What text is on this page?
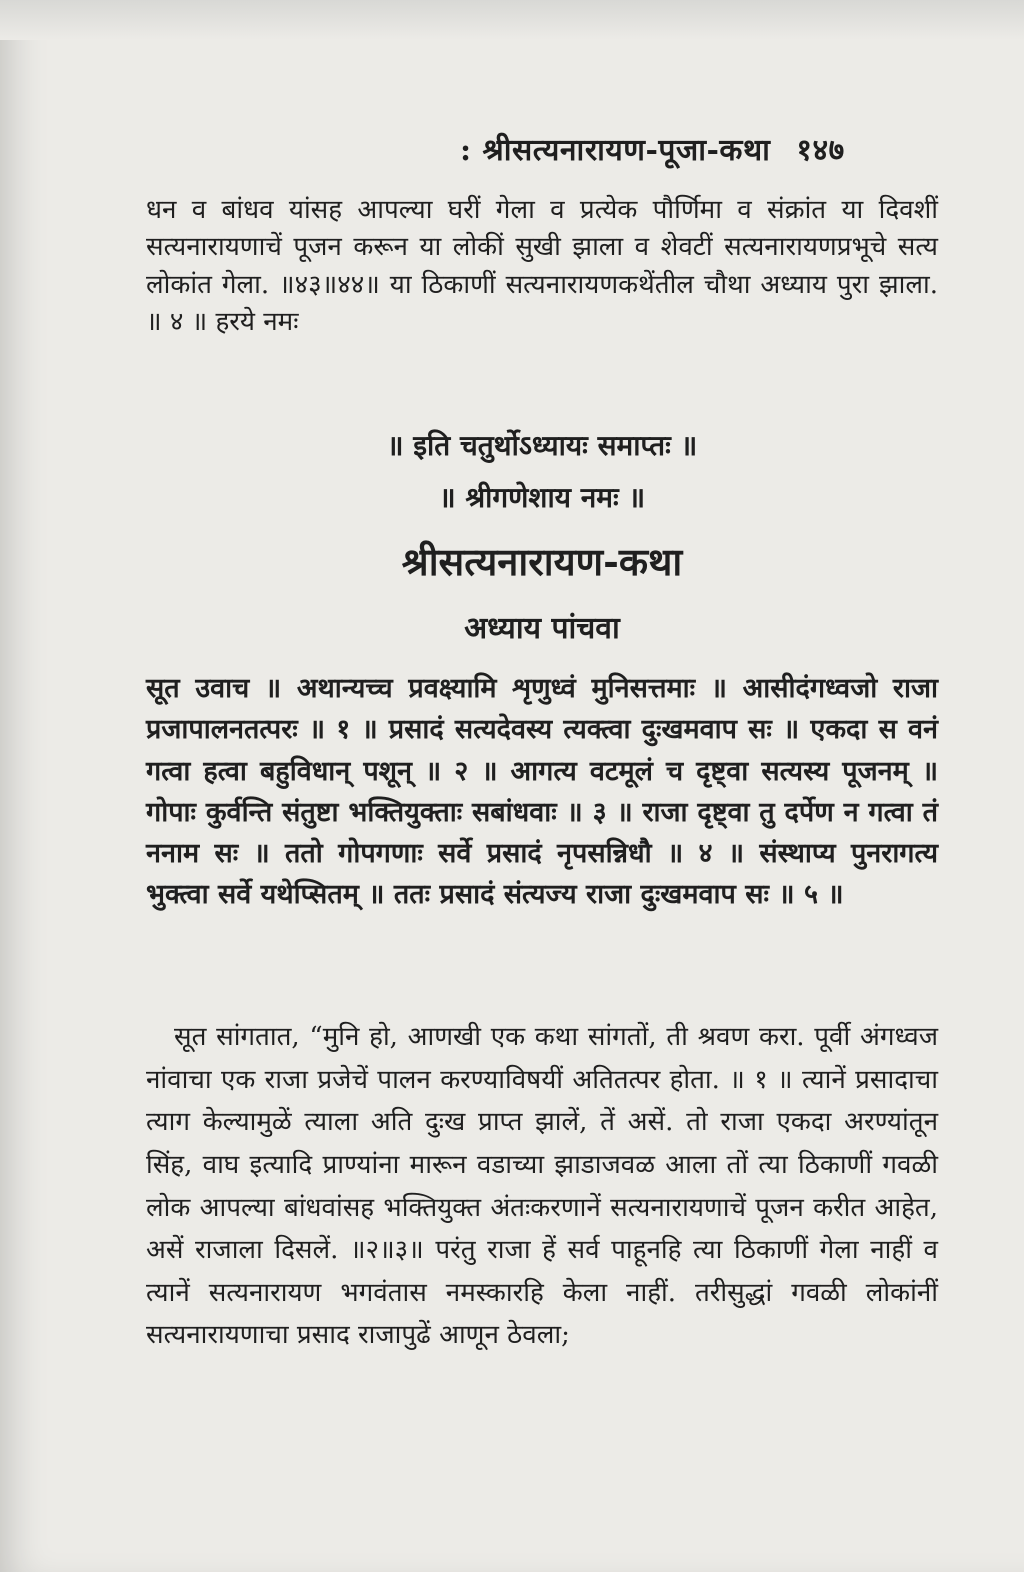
: श्रीसत्यनारायण-पूजा-कथा १४७
धन व बांधव यांसह आपल्या घरीं गेला व प्रत्येक पौर्णिमा व संक्रांत या दिवशीं सत्यनारायणाचें पूजन करून या लोकीं सुखी झाला व शेवटीं सत्यनारायणप्रभूचे सत्य लोकांत गेला. ॥४३॥४४॥ या ठिकाणीं सत्यनारायणकथेंतील चौथा अध्याय पुरा झाला. ॥ ४ ॥ हरये नमः
॥ इति चतुर्थोऽध्यायः समाप्तः ॥
॥ श्रीगणेशाय नमः ॥
श्रीसत्यनारायण-कथा
अध्याय पांचवा
सूत उवाच ॥ अथान्यच्च प्रवक्ष्यामि शृणुध्वं मुनिसत्तमाः ॥ आसीदंगध्वजो राजा प्रजापालनतत्परः ॥ १ ॥ प्रसादं सत्यदेवस्य त्यक्त्वा दुःखमवाप सः ॥ एकदा स वनं गत्वा हत्वा बहुविधान् पशून् ॥ २ ॥ आगत्य वटमूलं च दृष्ट्वा सत्यस्य पूजनम् ॥ गोपाः कुर्वन्ति संतुष्टा भक्तियुक्ताः सबांधवाः ॥ ३ ॥ राजा दृष्ट्वा तु दर्पेण न गत्वा तं ननाम सः ॥ ततो गोपगणाः सर्वे प्रसादं नृपसन्निधौ ॥ ४ ॥ संस्थाप्य पुनरागत्य भुक्त्वा सर्वे यथेप्सितम् ॥ ततः प्रसादं संत्यज्य राजा दुःखमवाप सः ॥ ५ ॥
सूत सांगतात, “मुनि हो, आणखी एक कथा सांगतों, ती श्रवण करा. पूर्वी अंगध्वज नांवाचा एक राजा प्रजेचें पालन करण्याविषयीं अतितत्पर होता. ॥ १ ॥ त्यानें प्रसादाचा त्याग केल्यामुळें त्याला अति दुःख प्राप्त झालें, तें असें. तो राजा एकदा अरण्यांतून सिंह, वाघ इत्यादि प्राण्यांना मारून वडाच्या झाडाजवळ आला तों त्या ठिकाणीं गवळी लोक आपल्या बांधवांसह भक्तियुक्त अंतःकरणानें सत्यनारायणाचें पूजन करीत आहेत, असें राजाला दिसलें. ॥२॥३॥ परंतु राजा हें सर्व पाहूनहि त्या ठिकाणीं गेला नाहीं व त्यानें सत्यनारायण भगवंतास नमस्कारहि केला नाहीं. तरीसुद्धां गवळी लोकांनीं सत्यनारायणाचा प्रसाद राजापुढें आणून ठेवला;
